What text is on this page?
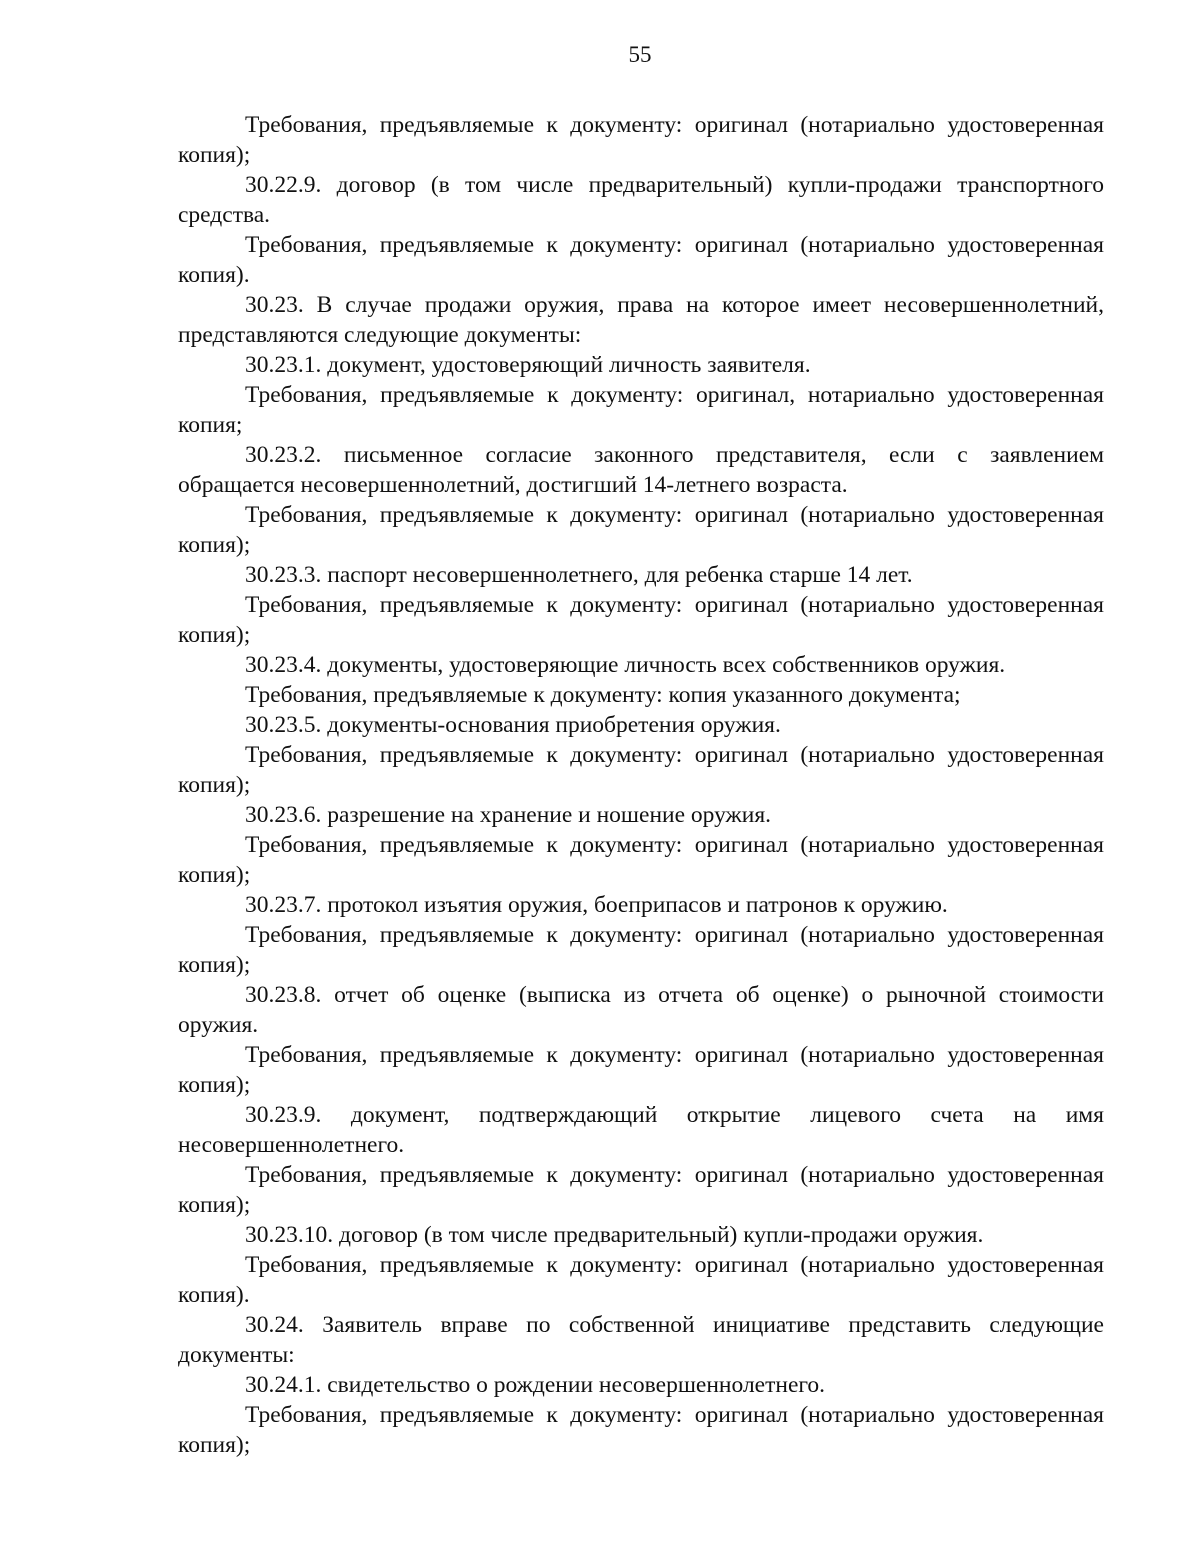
55

Требования, предъявляемые к документу: оригинал (нотариально удостоверенная копия);

30.22.9. договор (в том числе предварительный) купли-продажи транспортного средства.

Требования, предъявляемые к документу: оригинал (нотариально удостоверенная копия).

30.23. В случае продажи оружия, права на которое имеет несовершеннолетний, представляются следующие документы:

30.23.1. документ, удостоверяющий личность заявителя.

Требования, предъявляемые к документу: оригинал, нотариально удостоверенная копия;

30.23.2. письменное согласие законного представителя, если с заявлением обращается несовершеннолетний, достигший 14-летнего возраста.

Требования, предъявляемые к документу: оригинал (нотариально удостоверенная копия);

30.23.3. паспорт несовершеннолетнего, для ребенка старше 14 лет.

Требования, предъявляемые к документу: оригинал (нотариально удостоверенная копия);

30.23.4. документы, удостоверяющие личность всех собственников оружия.

Требования, предъявляемые к документу: копия указанного документа;

30.23.5. документы-основания приобретения оружия.

Требования, предъявляемые к документу: оригинал (нотариально удостоверенная копия);

30.23.6. разрешение на хранение и ношение оружия.

Требования, предъявляемые к документу: оригинал (нотариально удостоверенная копия);

30.23.7. протокол изъятия оружия, боеприпасов и патронов к оружию.

Требования, предъявляемые к документу: оригинал (нотариально удостоверенная копия);

30.23.8. отчет об оценке (выписка из отчета об оценке) о рыночной стоимости оружия.

Требования, предъявляемые к документу: оригинал (нотариально удостоверенная копия);

30.23.9. документ, подтверждающий открытие лицевого счета на имя несовершеннолетнего.

Требования, предъявляемые к документу: оригинал (нотариально удостоверенная копия);

30.23.10. договор (в том числе предварительный) купли-продажи оружия.

Требования, предъявляемые к документу: оригинал (нотариально удостоверенная копия).

30.24. Заявитель вправе по собственной инициативе представить следующие документы:

30.24.1. свидетельство о рождении несовершеннолетнего.

Требования, предъявляемые к документу: оригинал (нотариально удостоверенная копия);
